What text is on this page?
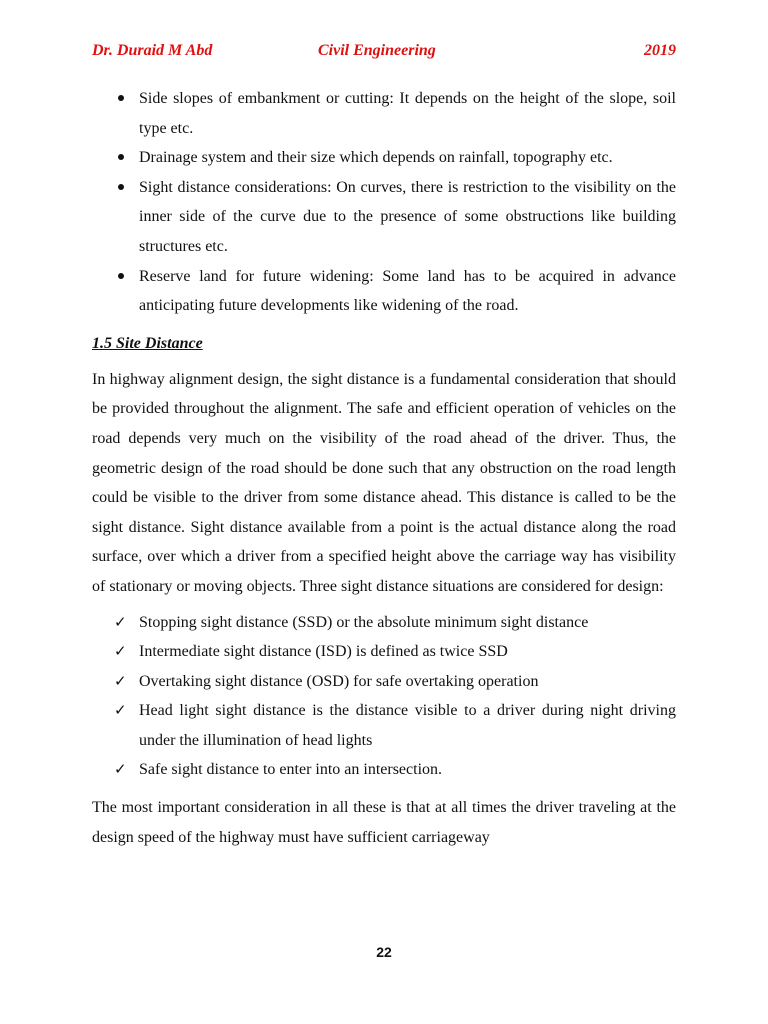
Dr. Duraid M Abd	Civil Engineering	2019
Side slopes of embankment or cutting: It depends on the height of the slope, soil type etc.
Drainage system and their size which depends on rainfall, topography etc.
Sight distance considerations: On curves, there is restriction to the visibility on the inner side of the curve due to the presence of some obstructions like building structures etc.
Reserve land for future widening: Some land has to be acquired in advance anticipating future developments like widening of the road.
1.5 Site Distance

In highway alignment design, the sight distance is a fundamental consideration that should be provided throughout the alignment. The safe and efficient operation of vehicles on the road depends very much on the visibility of the road ahead of the driver. Thus, the geometric design of the road should be done such that any obstruction on the road length could be visible to the driver from some distance ahead. This distance is called to be the sight distance. Sight distance available from a point is the actual distance along the road surface, over which a driver from a specified height above the carriage way has visibility of stationary or moving objects. Three sight distance situations are considered for design:

✓ Stopping sight distance (SSD) or the absolute minimum sight distance
✓ Intermediate sight distance (ISD) is defined as twice SSD
✓ Overtaking sight distance (OSD) for safe overtaking operation
✓ Head light sight distance is the distance visible to a driver during night driving under the illumination of head lights
✓ Safe sight distance to enter into an intersection.

The most important consideration in all these is that at all times the driver traveling at the design speed of the highway must have sufficient carriageway

22
